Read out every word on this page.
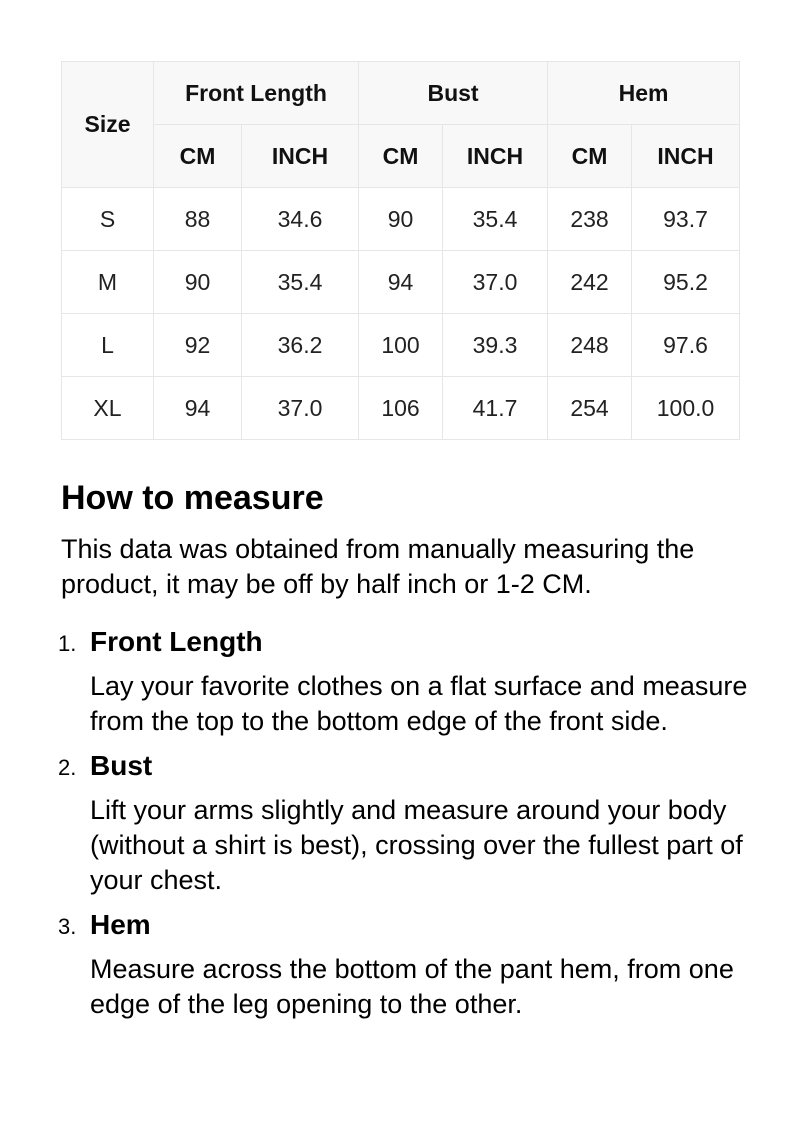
Size	Front Length		Bust		Hem	
	CM	INCH	CM	INCH	CM	INCH
S	88	34.6	90	35.4	238	93.7
M	90	35.4	94	37.0	242	95.2
L	92	36.2	100	39.3	248	97.6
XL	94	37.0	106	41.7	254	100.0
How to measure

This data was obtained from manually measuring the product, it may be off by half inch or 1-2 CM.

1. Front Length
Lay your favorite clothes on a flat surface and measure from the top to the bottom edge of the front side.
2. Bust
Lift your arms slightly and measure around your body (without a shirt is best), crossing over the fullest part of your chest.
3. Hem
Measure across the bottom of the pant hem, from one edge of the leg opening to the other.
